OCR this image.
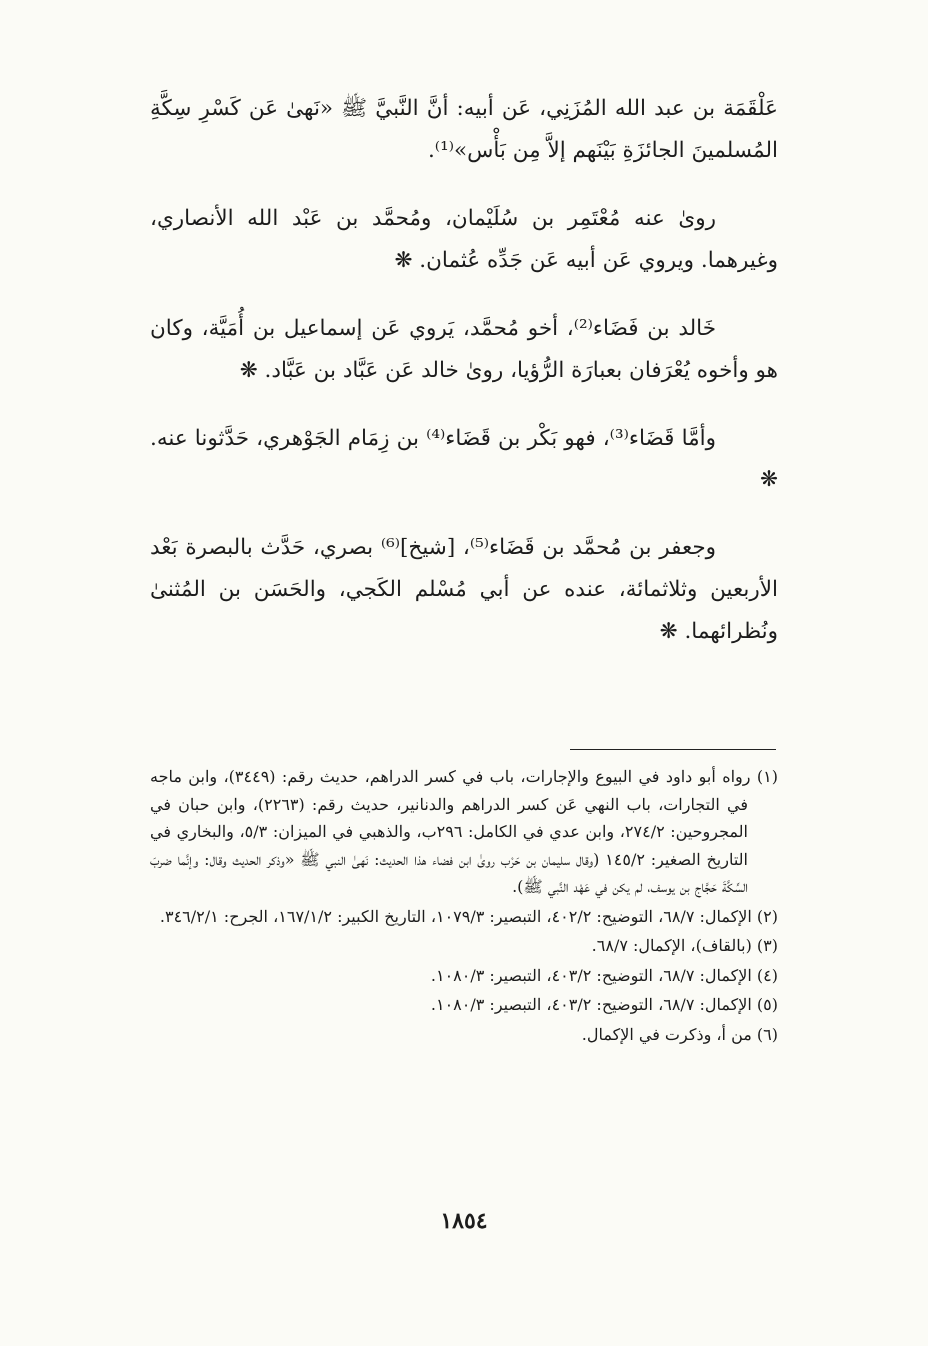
عَلْقَمَة بن عبد الله المُزَنِي، عَن أبيه: أنَّ النَّبيَّ ﷺ «نَهىٰ عَن كَسْرِ سِكَّةِ المُسلمينَ الجائزَةِ بَيْنَهم إلاَّ مِن بَأْس»⁽¹⁾.

روىٰ عنه مُعْتَمِر بن سُلَيْمان، ومُحمَّد بن عَبْد الله الأنصاري، وغيرهما. ويروي عَن أبيه عَن جَدِّه عُثمان. ❋

خَالد بن فَضَاء⁽²⁾، أخو مُحمَّد، يَروي عَن إسماعيل بن أُمَيَّة، وكان هو وأخوه يُعْرَفان بعبارَة الرُّؤيا، روىٰ خالد عَن عَبَّاد بن عَبَّاد. ❋

وأمَّا قَضَاء⁽³⁾، فهو بَكْر بن قَضَاء⁽⁴⁾ بن زِمَام الجَوْهري، حَدَّثونا عنه. ❋

وجعفر بن مُحمَّد بن قَضَاء⁽⁵⁾، [شيخ]⁽⁶⁾ بصري، حَدَّث بالبصرة بَعْد الأربعين وثلاثمائة، عنده عن أبي مُسْلم الكَجي، والحَسَن بن المُثنىٰ ونُظرائهما. ❋

(١) رواه أبو داود في البيوع والإجارات، باب في كسر الدراهم، حديث رقم: (٣٤٤٩)، وابن ماجه في التجارات، باب النهي عَن كسر الدراهم والدنانير، حديث رقم: (٢٢٦٣)، وابن حبان في المجروحين: ٢٧٤/٢، وابن عدي في الكامل: ٢٩٦ب، والذهبي في الميزان: ٥/٣، والبخاري في التاريخ الصغير: ١٤٥/٢ (وقال سليمان بن حَرْب روىٰ ابن فضاء هذا الحديث: نَهىٰ النبي ﷺ «وذكر الحديث وقال: وإنَّما ضربَ السِّكَّةَ حَجَّاج بن يوسف، لم يكن في عَهْد النَّبي ﷺ).

(٢) الإكمال: ٦٨/٧، التوضيح: ٤٠٢/٢، التبصير: ١٠٧٩/٣، التاريخ الكبير: ١٦٧/١/٢، الجرح: ٣٤٦/٢/١.

(٣) (بالقاف)، الإكمال: ٦٨/٧.

(٤) الإكمال: ٦٨/٧، التوضيح: ٤٠٣/٢، التبصير: ١٠٨٠/٣.

(٥) الإكمال: ٦٨/٧، التوضيح: ٤٠٣/٢، التبصير: ١٠٨٠/٣.

(٦) من أ، وذكرت في الإكمال.

١٨٥٤
